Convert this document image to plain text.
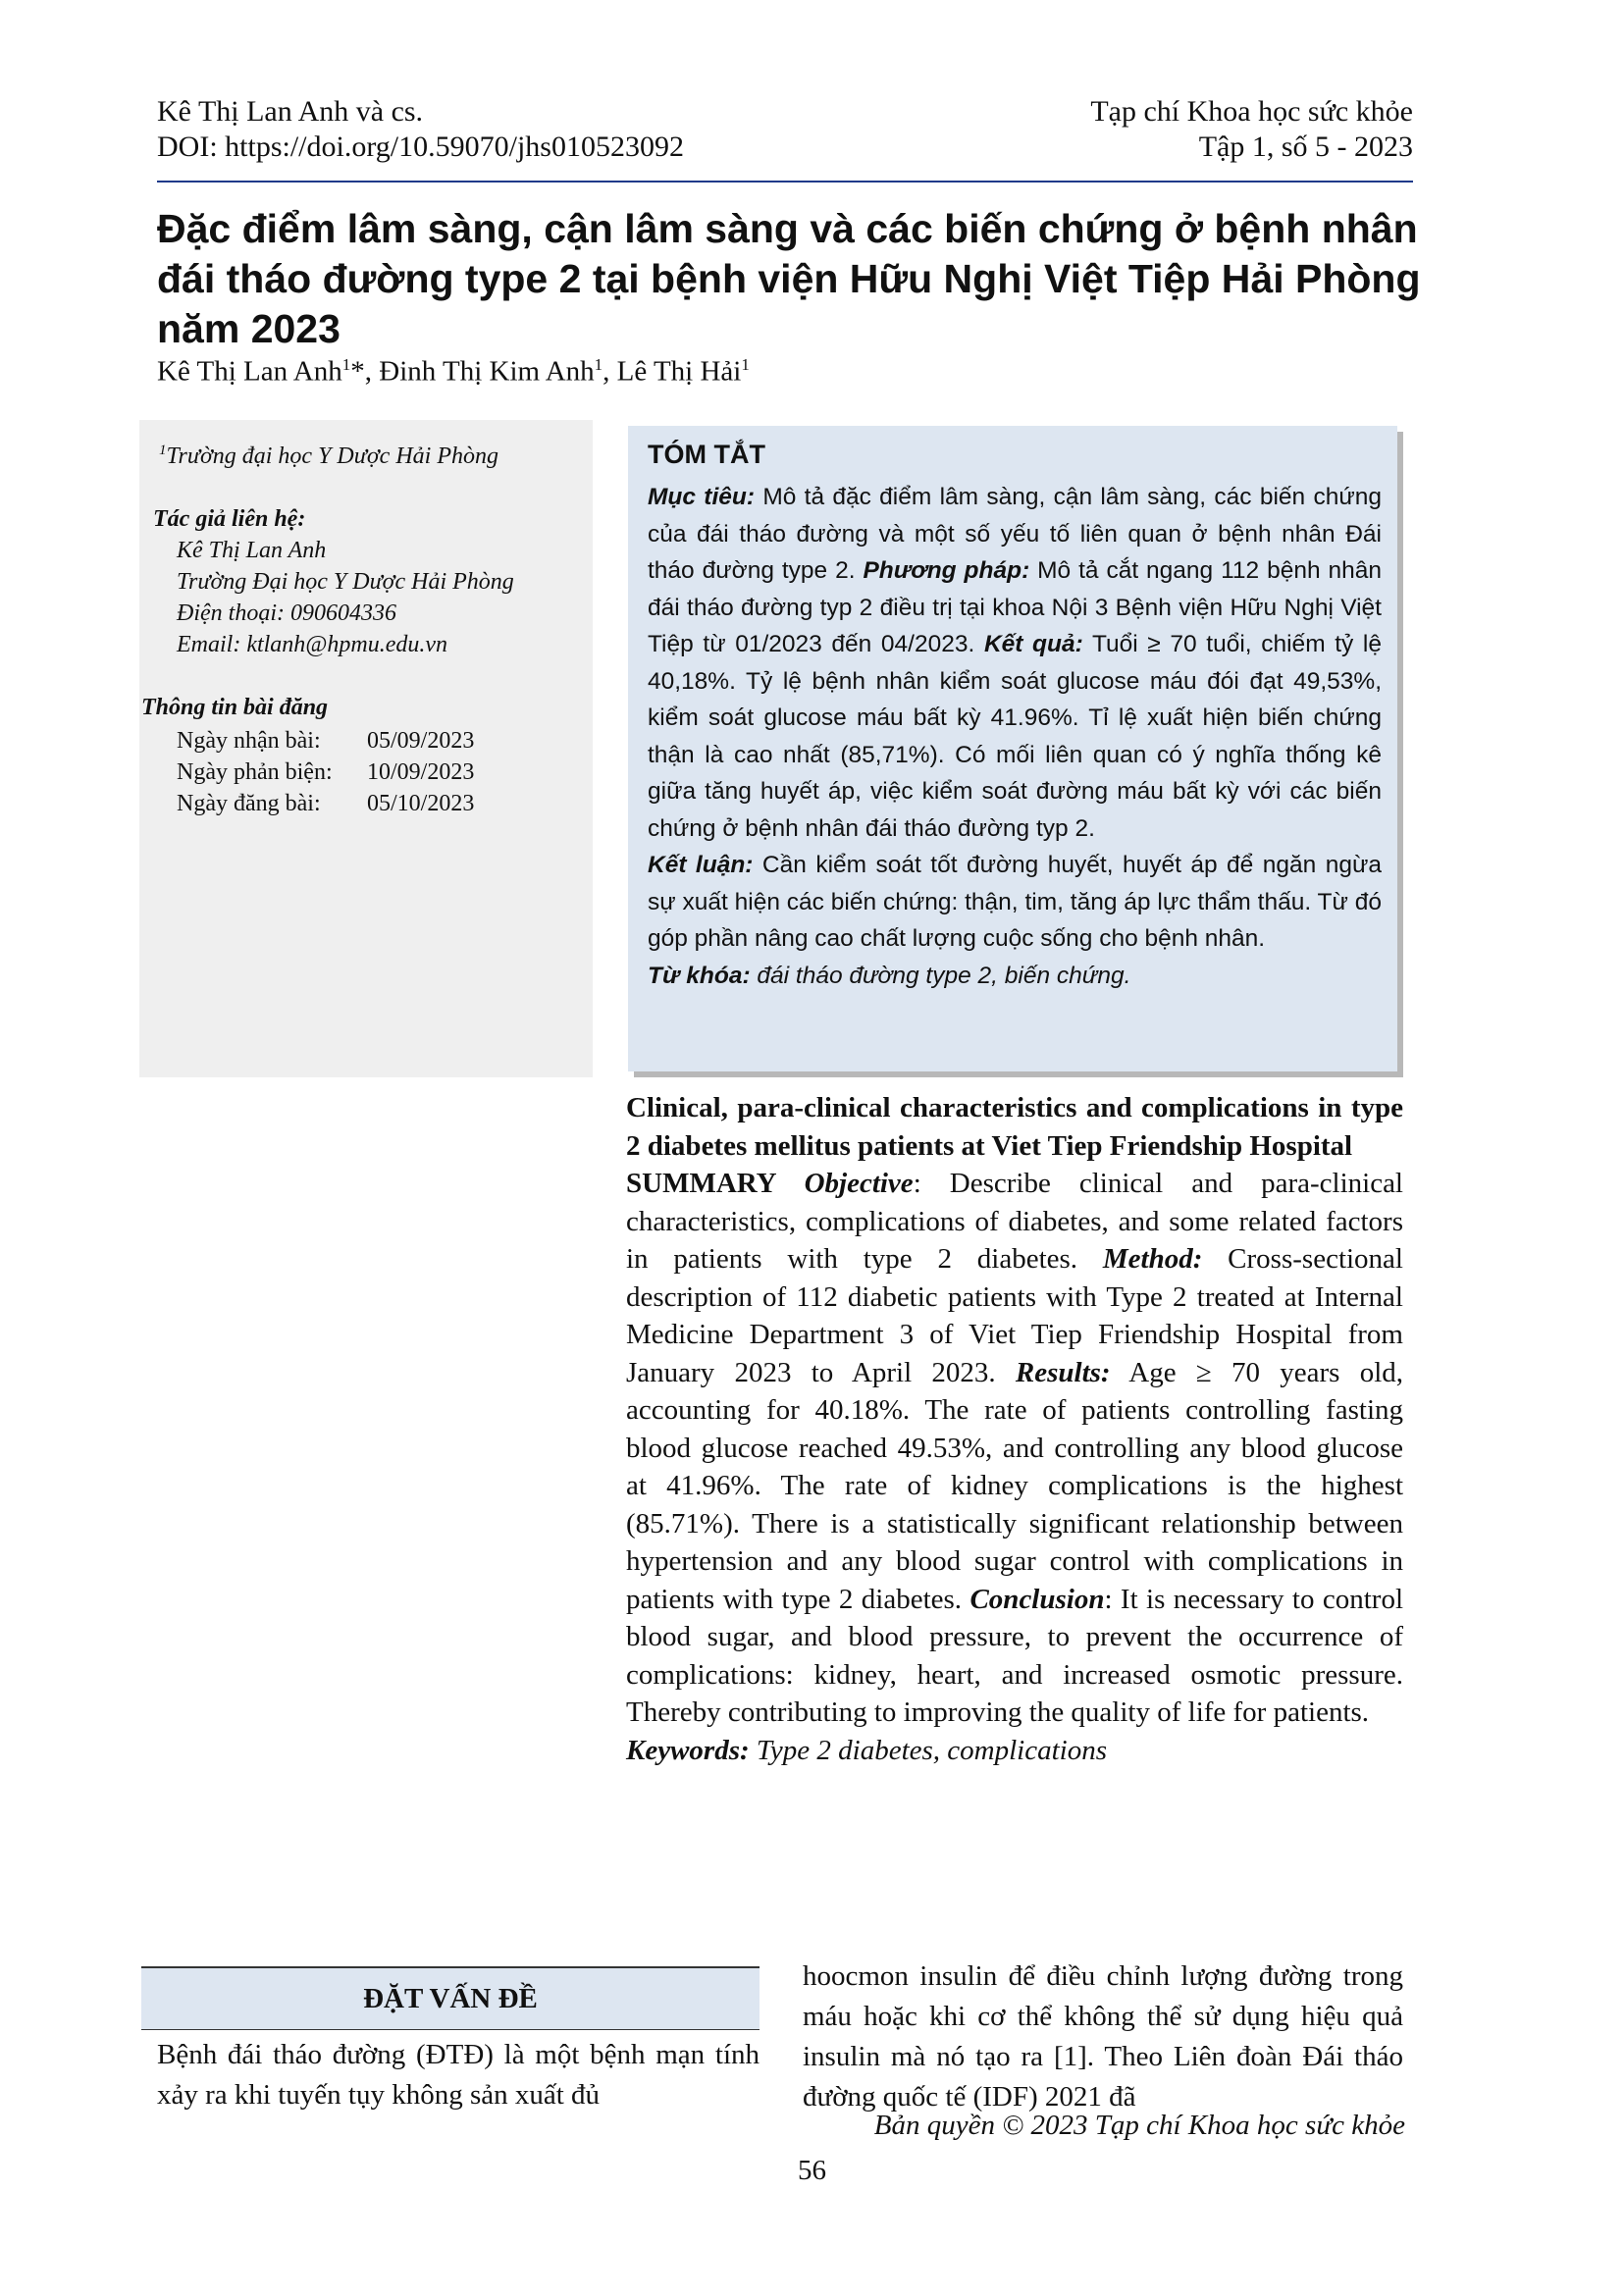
Kê Thị Lan Anh và cs.
DOI: https://doi.org/10.59070/jhs010523092
Tạp chí Khoa học sức khỏe
Tập 1, số 5 - 2023
Đặc điểm lâm sàng, cận lâm sàng và các biến chứng ở bệnh nhân đái tháo đường type 2 tại bệnh viện Hữu Nghị Việt Tiệp Hải Phòng năm 2023
Kê Thị Lan Anh$^1$*, Đinh Thị Kim Anh$^1$, Lê Thị Hải$^1$
$^1$Trường đại học Y Dược Hải Phòng
Tác giả liên hệ:
Kê Thị Lan Anh
Trường Đại học Y Dược Hải Phòng
Điện thoại: 090604336
Email: ktlanh@hpmu.edu.vn
Thông tin bài đăng
Ngày nhận bài: 05/09/2023
Ngày phản biện: 10/09/2023
Ngày đăng bài: 05/10/2023
TÓM TẮT
Mục tiêu: Mô tả đặc điểm lâm sàng, cận lâm sàng, các biến chứng của đái tháo đường và một số yếu tố liên quan ở bệnh nhân Đái tháo đường type 2. Phương pháp: Mô tả cắt ngang 112 bệnh nhân đái tháo đường typ 2 điều trị tại khoa Nội 3 Bệnh viện Hữu Nghị Việt Tiệp từ 01/2023 đến 04/2023. Kết quả: Tuổi ≥ 70 tuổi, chiếm tỷ lệ 40,18%. Tỷ lệ bệnh nhân kiểm soát glucose máu đói đạt 49,53%, kiểm soát glucose máu bất kỳ 41.96%. Tỉ lệ xuất hiện biến chứng thận là cao nhất (85,71%). Có mối liên quan có ý nghĩa thống kê giữa tăng huyết áp, việc kiểm soát đường máu bất kỳ với các biến chứng ở bệnh nhân đái tháo đường typ 2.
Kết luận: Cần kiểm soát tốt đường huyết, huyết áp để ngăn ngừa sự xuất hiện các biến chứng: thận, tim, tăng áp lực thẩm thấu. Từ đó góp phần nâng cao chất lượng cuộc sống cho bệnh nhân.
Từ khóa: đái tháo đường type 2, biến chứng.
Clinical, para-clinical characteristics and complications in type 2 diabetes mellitus patients at Viet Tiep Friendship Hospital
SUMMARY Objective: Describe clinical and para-clinical characteristics, complications of diabetes, and some related factors in patients with type 2 diabetes. Method: Cross-sectional description of 112 diabetic patients with Type 2 treated at Internal Medicine Department 3 of Viet Tiep Friendship Hospital from January 2023 to April 2023. Results: Age ≥ 70 years old, accounting for 40.18%. The rate of patients controlling fasting blood glucose reached 49.53%, and controlling any blood glucose at 41.96%. The rate of kidney complications is the highest (85.71%). There is a statistically significant relationship between hypertension and any blood sugar control with complications in patients with type 2 diabetes. Conclusion: It is necessary to control blood sugar, and blood pressure, to prevent the occurrence of complications: kidney, heart, and increased osmotic pressure. Thereby contributing to improving the quality of life for patients.
Keywords: Type 2 diabetes, complications
ĐẶT VẤN ĐỀ
Bệnh đái tháo đường (ĐTĐ) là một bệnh mạn tính xảy ra khi tuyến tụy không sản xuất đủ
hoocmon insulin để điều chỉnh lượng đường trong máu hoặc khi cơ thể không thể sử dụng hiệu quả insulin mà nó tạo ra [1]. Theo Liên đoàn Đái tháo đường quốc tế (IDF) 2021 đã
Bản quyền © 2023 Tạp chí Khoa học sức khỏe
56
